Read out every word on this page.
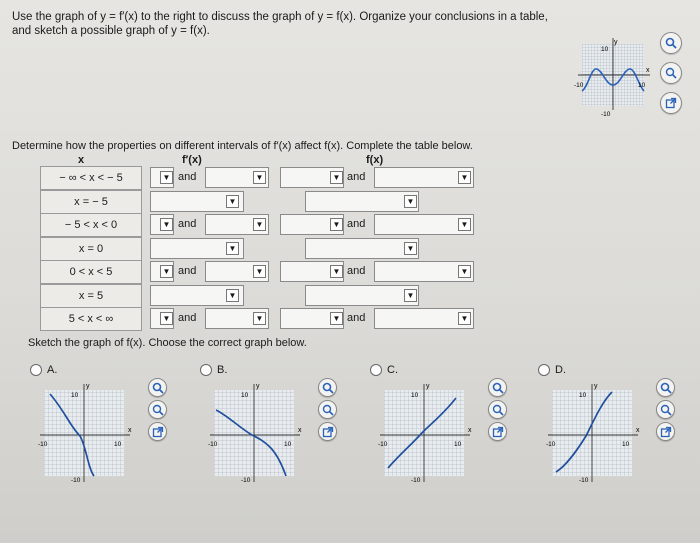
Use the graph of y = f′(x) to the right to discuss the graph of y = f(x). Organize your conclusions in a table,
and sketch a possible graph of y = f(x).
y
x
10
-10
-10	10
Determine how the properties on different intervals of f′(x) affect f(x). Complete the table below.
x	f′(x)	f(x)
− ∞ < x < − 5	▼ and	▼	▼ and	▼
x = − 5	▼	▼
− 5 < x < 0	▼ and	▼	▼ and	▼
x = 0	▼	▼
0 < x < 5	▼ and	▼	▼ and	▼
x = 5	▼	▼
5 < x < ∞	▼ and	▼	▼ and	▼
Sketch the graph of f(x). Choose the correct graph below.
A.
y
x
10
-10
-10	10
B.
y
x
10
-10
-10	10
C.
y
x
10
-10
-10	10
D.
y
x
10
-10
-10	10
